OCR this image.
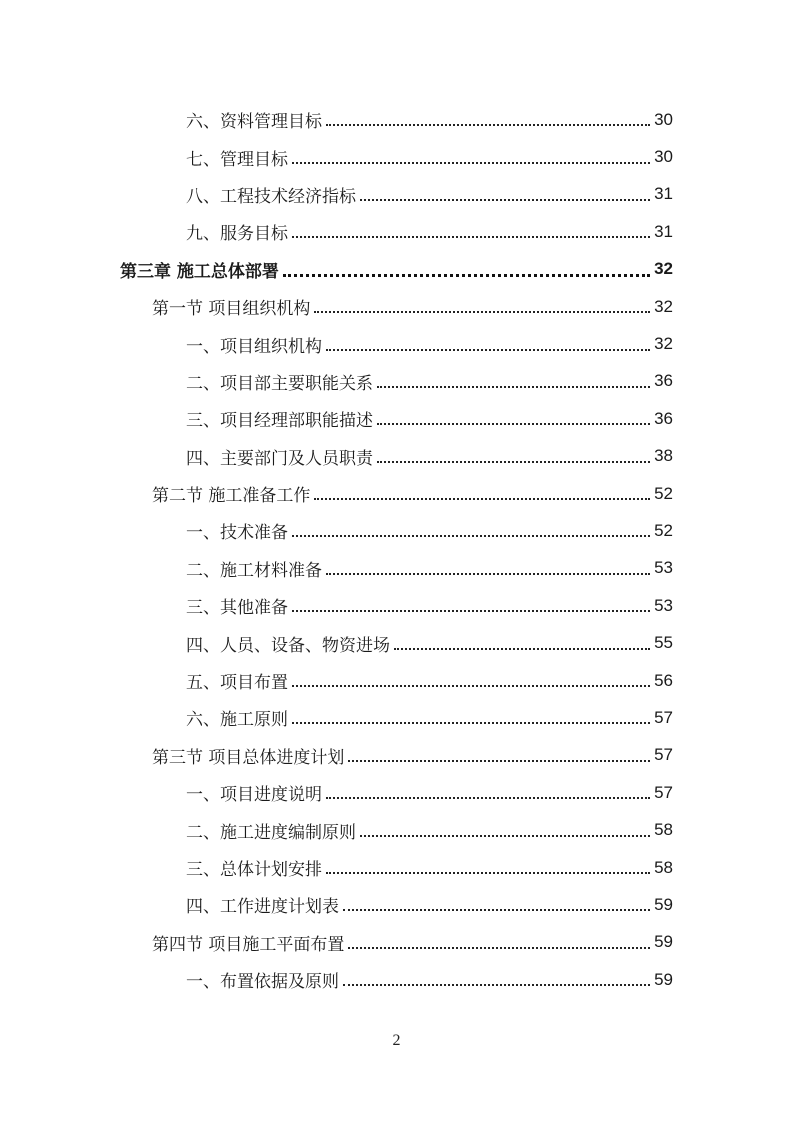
六、资料管理目标	30
七、管理目标	30
八、工程技术经济指标	31
九、服务目标	31
第三章 施工总体部署	32
第一节 项目组织机构	32
一、项目组织机构	32
二、项目部主要职能关系	36
三、项目经理部职能描述	36
四、主要部门及人员职责	38
第二节 施工准备工作	52
一、技术准备	52
二、施工材料准备	53
三、其他准备	53
四、人员、设备、物资进场	55
五、项目布置	56
六、施工原则	57
第三节 项目总体进度计划	57
一、项目进度说明	57
二、施工进度编制原则	58
三、总体计划安排	58
四、工作进度计划表	59
第四节 项目施工平面布置	59
一、布置依据及原则	59
2
